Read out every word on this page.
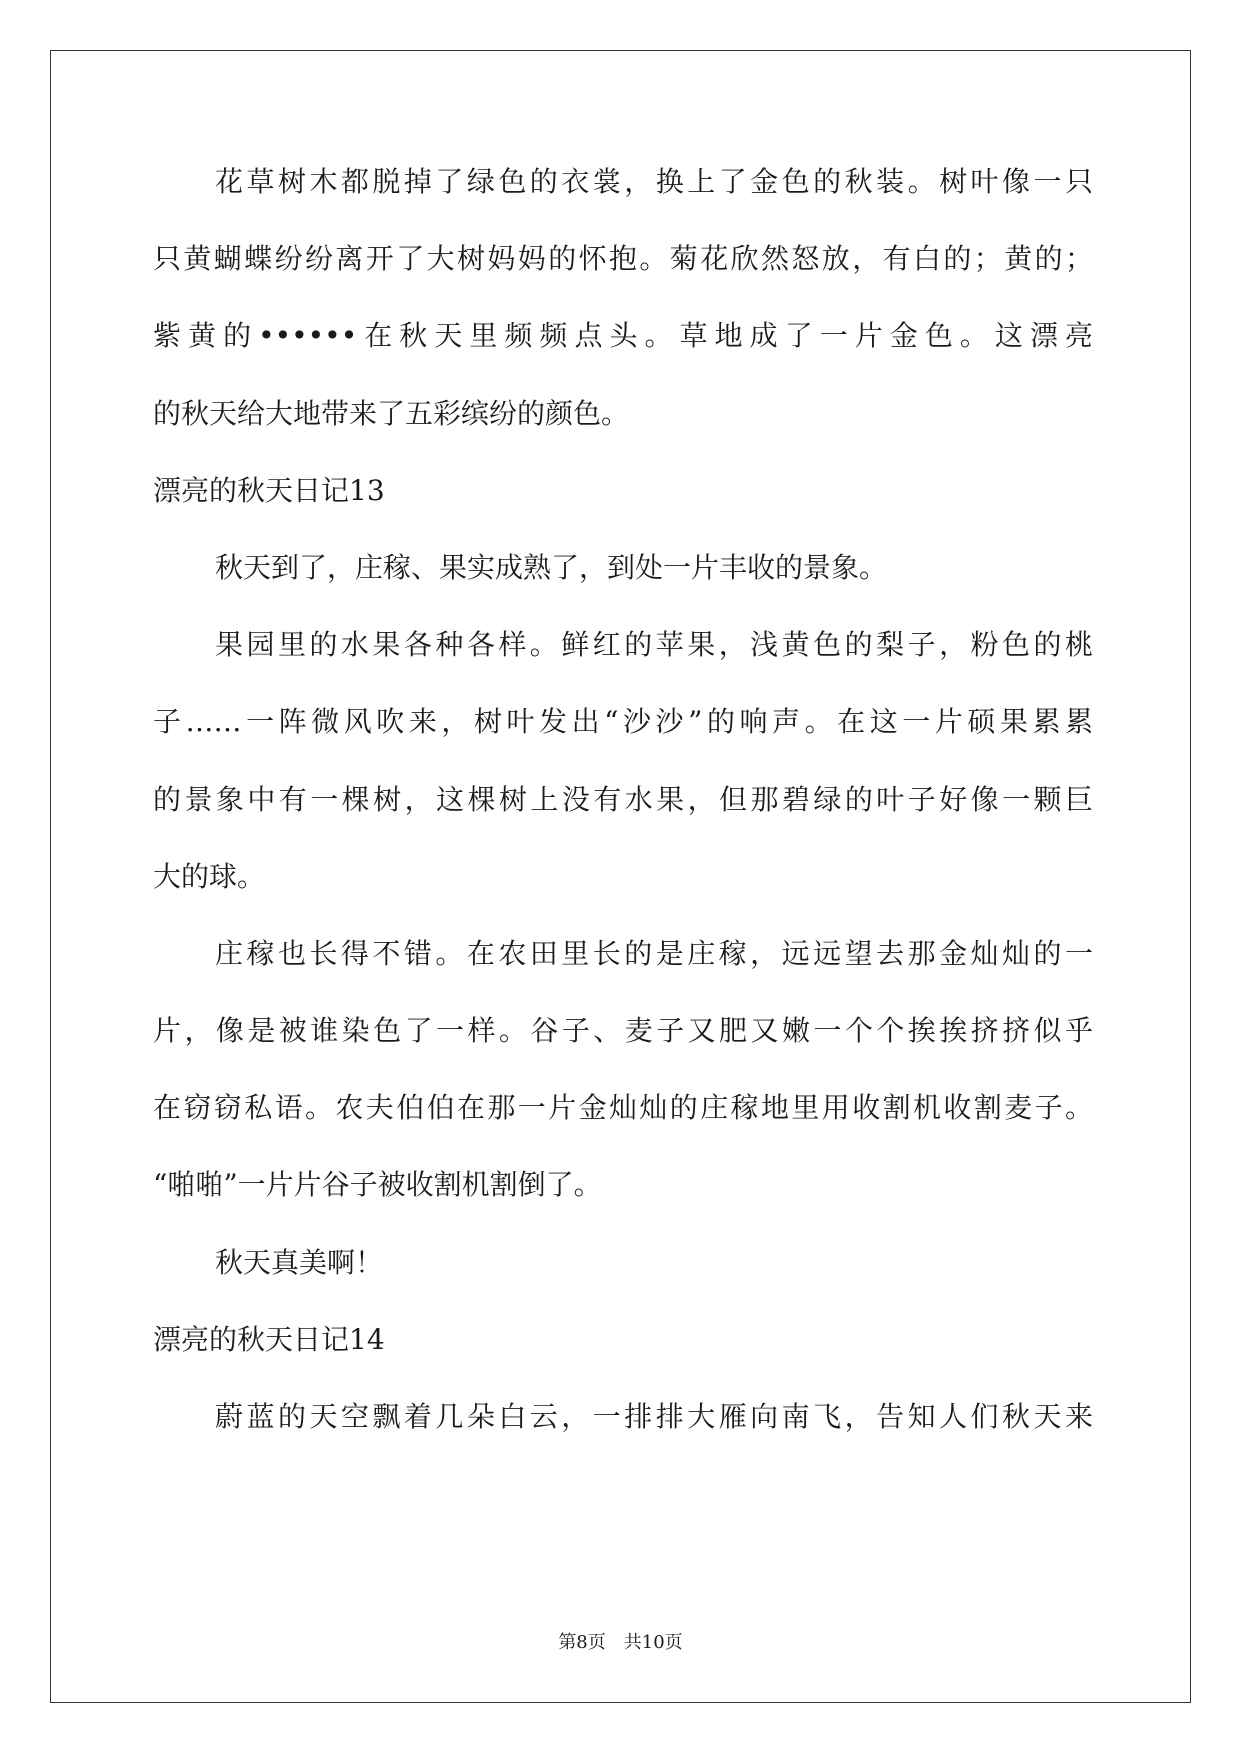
花草树木都脱掉了绿色的衣裳，换上了金色的秋装。树叶像一只
只黄蝴蝶纷纷离开了大树妈妈的怀抱。菊花欣然怒放，有白的；黄的；
紫黄的••••••在秋天里频频点头。草地成了一片金色。这漂亮
的秋天给大地带来了五彩缤纷的颜色。
漂亮的秋天日记13
秋天到了，庄稼、果实成熟了，到处一片丰收的景象。
果园里的水果各种各样。鲜红的苹果，浅黄色的梨子，粉色的桃
子……一阵微风吹来，树叶发出“沙沙”的响声。在这一片硕果累累
的景象中有一棵树，这棵树上没有水果，但那碧绿的叶子好像一颗巨
大的球。
庄稼也长得不错。在农田里长的是庄稼，远远望去那金灿灿的一
片，像是被谁染色了一样。谷子、麦子又肥又嫩一个个挨挨挤挤似乎
在窃窃私语。农夫伯伯在那一片金灿灿的庄稼地里用收割机收割麦子。
“啪啪”一片片谷子被收割机割倒了。
秋天真美啊！
漂亮的秋天日记14
蔚蓝的天空飘着几朵白云，一排排大雁向南飞，告知人们秋天来
第8页　共10页
